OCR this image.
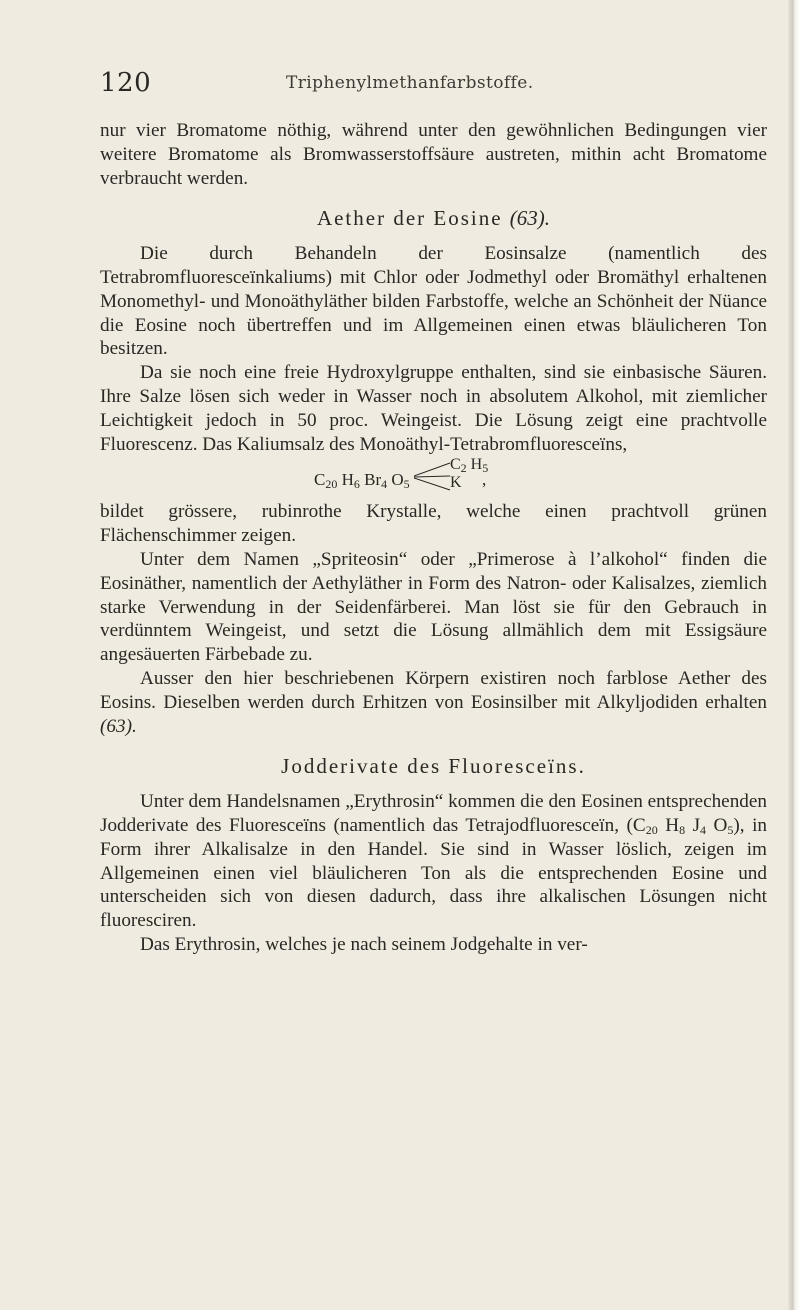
120	Triphenylmethanfarbstoffe.

nur vier Bromatome nöthig, während unter den gewöhnlichen Bedingungen vier weitere Bromatome als Bromwasserstoffsäure austreten, mithin acht Bromatome verbraucht werden.

Aether der Eosine (63).

Die durch Behandeln der Eosinsalze (namentlich des Tetrabromfluoresceïnkaliums) mit Chlor oder Jodmethyl oder Bromäthyl erhaltenen Monomethyl- und Monoäthyläther bilden Farbstoffe, welche an Schönheit der Nüance die Eosine noch übertreffen und im Allgemeinen einen etwas bläulicheren Ton besitzen.

Da sie noch eine freie Hydroxylgruppe enthalten, sind sie einbasische Säuren. Ihre Salze lösen sich weder in Wasser noch in absolutem Alkohol, mit ziemlicher Leichtigkeit jedoch in 50 proc. Weingeist. Die Lösung zeigt eine prachtvolle Fluorescenz. Das Kaliumsalz des Monoäthyl-Tetrabromfluoresceïns,

$C_{20}$ $H_6$ $Br_4$ $O_5$
$C_2$ $H_5$
K	,

bildet grössere, rubinrothe Krystalle, welche einen prachtvoll grünen Flächenschimmer zeigen.

Unter dem Namen „Spriteosin“ oder „Primerose à l’alkohol“ finden die Eosinäther, namentlich der Aethyläther in Form des Natron- oder Kalisalzes, ziemlich starke Verwendung in der Seidenfärberei. Man löst sie für den Gebrauch in verdünntem Weingeist, und setzt die Lösung allmählich dem mit Essigsäure angesäuerten Färbebade zu.

Ausser den hier beschriebenen Körpern existiren noch farblose Aether des Eosins. Dieselben werden durch Erhitzen von Eosinsilber mit Alkyljodiden erhalten (63).

Jodderivate des Fluoresceïns.

Unter dem Handelsnamen „Erythrosin“ kommen die den Eosinen entsprechenden Jodderivate des Fluoresceïns (namentlich das Tetrajodfluoresceïn, ($C_{20}$ $H_8$ $J_4$ $O_5$), in Form ihrer Alkalisalze in den Handel. Sie sind in Wasser löslich, zeigen im Allgemeinen einen viel bläulicheren Ton als die entsprechenden Eosine und unterscheiden sich von diesen dadurch, dass ihre alkalischen Lösungen nicht fluoresciren.

Das Erythrosin, welches je nach seinem Jodgehalte in ver-
